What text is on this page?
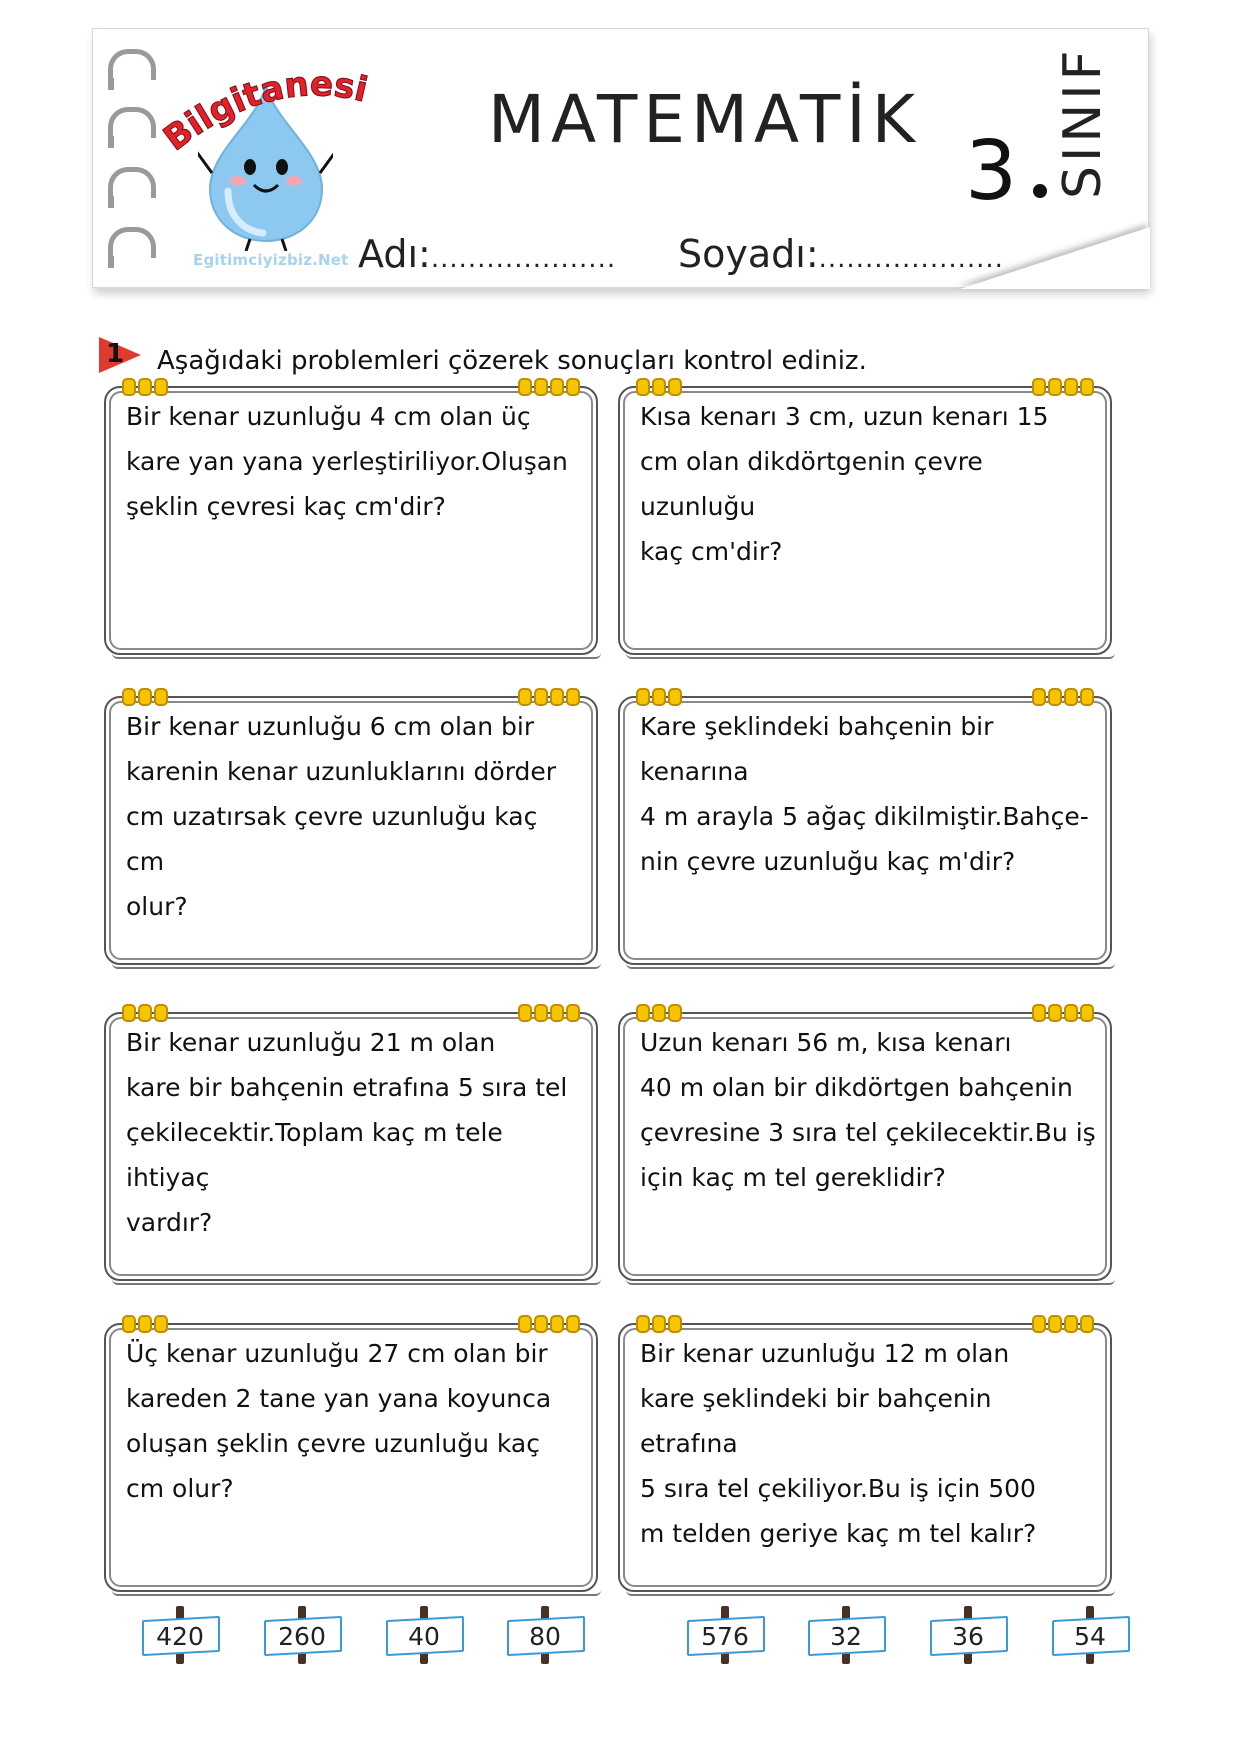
Bilgitanesi
Egitimciyizbiz.Net
MATEMATİK
3 SINIF
Adı:.................... Soyadı:....................
1 Aşağıdaki problemleri çözerek sonuçları kontrol ediniz.
Bir kenar uzunluğu 4 cm olan üç
kare yan yana yerleştiriliyor.Oluşan
şeklin çevresi kaç cm'dir?
Kısa kenarı 3 cm, uzun kenarı 15
cm olan dikdörtgenin çevre uzunluğu
kaç cm'dir?
Bir kenar uzunluğu 6 cm olan bir
karenin kenar uzunluklarını dörder
cm uzatırsak çevre uzunluğu kaç cm
olur?
Kare şeklindeki bahçenin bir kenarına
4 m arayla 5 ağaç dikilmiştir.Bahçe-
nin çevre uzunluğu kaç m'dir?
Bir kenar uzunluğu 21 m olan
kare bir bahçenin etrafına 5 sıra tel
çekilecektir.Toplam kaç m tele ihtiyaç
vardır?
Uzun kenarı 56 m, kısa kenarı
40 m olan bir dikdörtgen bahçenin
çevresine 3 sıra tel çekilecektir.Bu iş
için kaç m tel gereklidir?
Üç kenar uzunluğu 27 cm olan bir
kareden 2 tane yan yana koyunca
oluşan şeklin çevre uzunluğu kaç
cm olur?
Bir kenar uzunluğu 12 m olan
kare şeklindeki bir bahçenin etrafına
5 sıra tel çekiliyor.Bu iş için 500
m telden geriye kaç m tel kalır?
420	260	40	80	576	32	36	54
